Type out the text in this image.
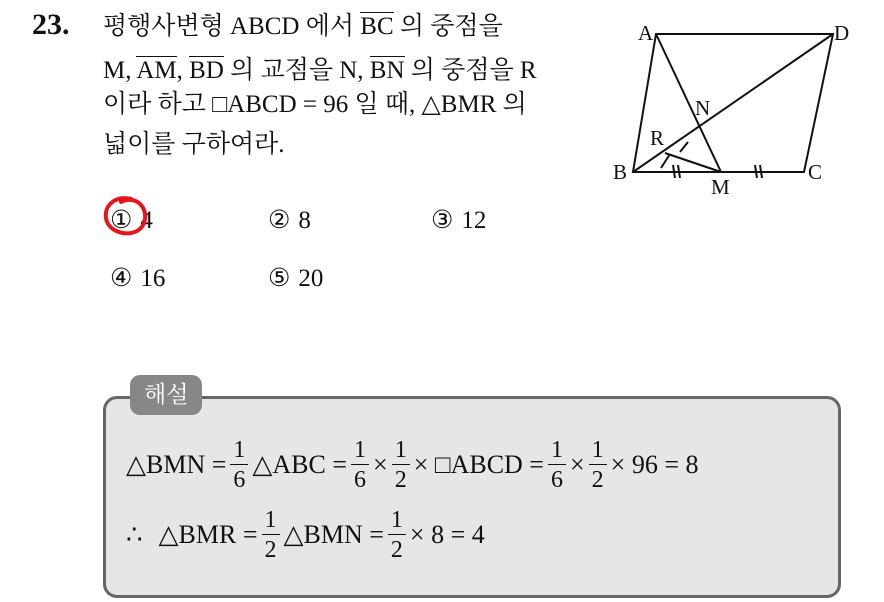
23. 평행사변형 ABCD 에서 BC 의 중점을
M, AM, BD 의 교점을 N, BN 의 중점을 R
이라 하고 □ABCD = 96 일 때, △BMR 의
넓이를 구하여라.
A	D
B	C
M
N
R
① 4	② 8	③ 12
④ 16	⑤ 20
해설
△BMN = $\frac{1}{6}$ △ABC = $\frac{1}{6} \times \frac{1}{2}$ × □ABCD = $\frac{1}{6} \times \frac{1}{2} \times 96 = 8$
∴ △BMR = $\frac{1}{2}$ △BMN = $\frac{1}{2} \times 8 = 4$
